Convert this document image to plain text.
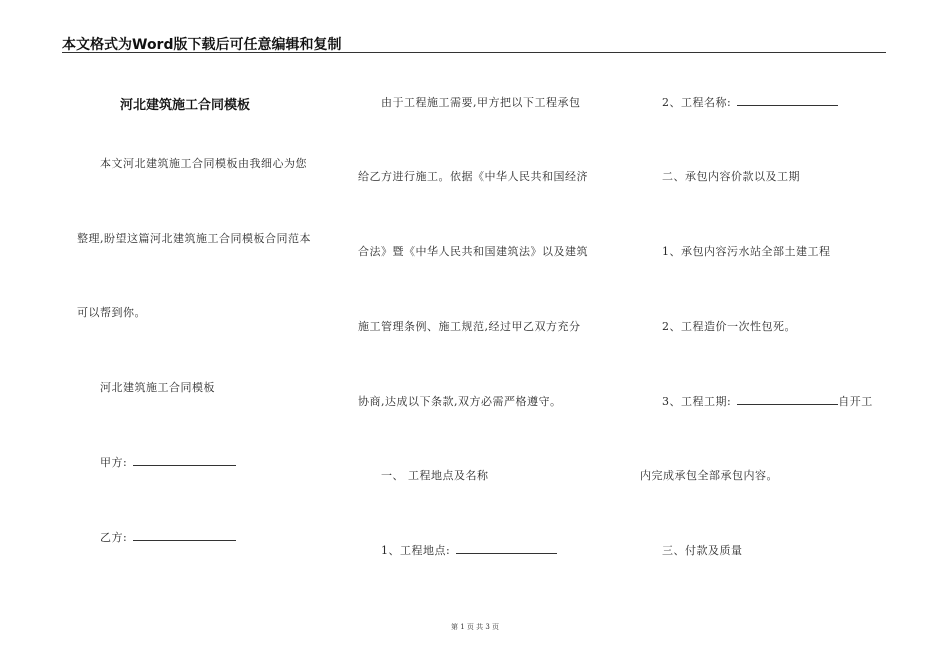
本文格式为Word版下载后可任意编辑和复制
河北建筑施工合同模板
本文河北建筑施工合同模板由我细心为您
整理,盼望这篇河北建筑施工合同模板合同范本
可以帮到你。
河北建筑施工合同模板
甲方:
乙方:
由于工程施工需要,甲方把以下工程承包
给乙方进行施工。依据《中华人民共和国经济
合法》暨《中华人民共和国建筑法》以及建筑
施工管理条例、施工规范,经过甲乙双方充分
协商,达成以下条款,双方必需严格遵守。
一、 工程地点及名称
1、工程地点:
2、工程名称:
二、承包内容价款以及工期
1、承包内容污水站全部土建工程
2、工程造价一次性包死。
3、工程工期:	自开工
内完成承包全部承包内容。
三、付款及质量
第 1 页 共 3 页
